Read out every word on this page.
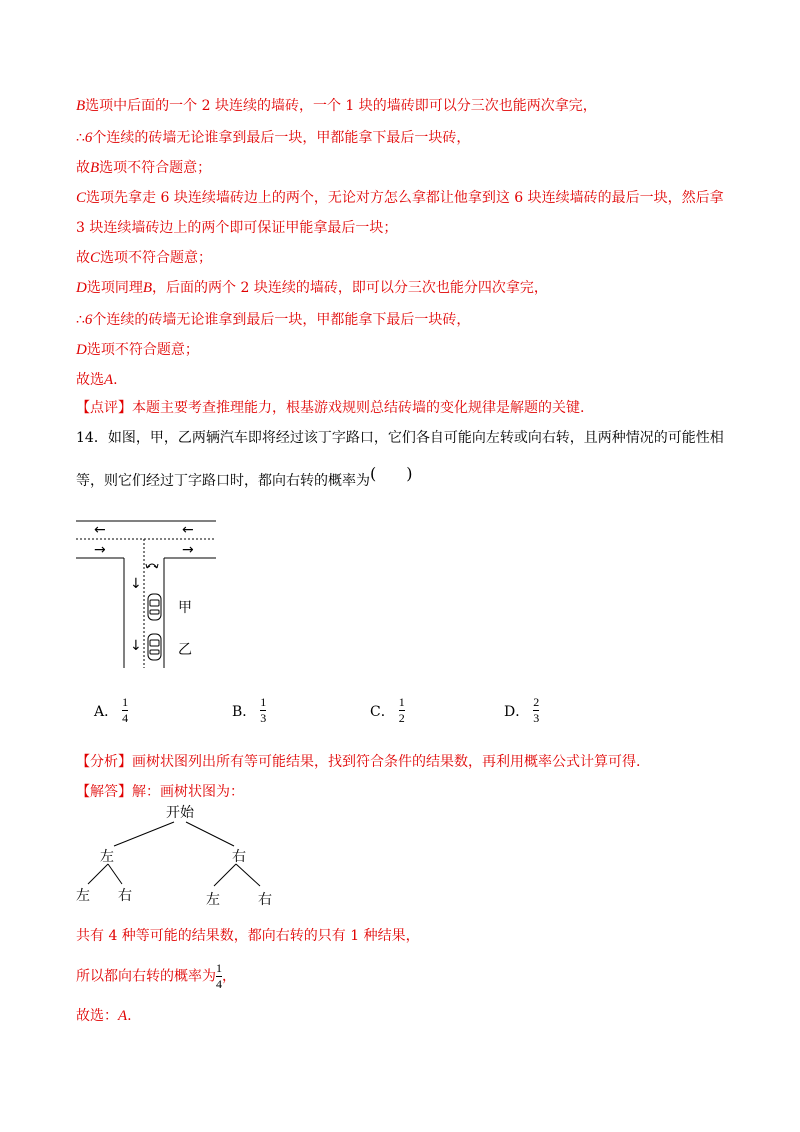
B选项中后面的一个 2 块连续的墙砖，一个 1 块的墙砖即可以分三次也能两次拿完，
∴6个连续的砖墙无论谁拿到最后一块，甲都能拿下最后一块砖，
故B选项不符合题意；
C选项先拿走 6 块连续墙砖边上的两个，无论对方怎么拿都让他拿到这 6 块连续墙砖的最后一块，然后拿
3 块连续墙砖边上的两个即可保证甲能拿最后一块；
故C选项不符合题意；
D选项同理B，后面的两个 2 块连续的墙砖，即可以分三次也能分四次拿完，
∴6个连续的砖墙无论谁拿到最后一块，甲都能拿下最后一块砖，
D选项不符合题意；
故选A.
【点评】本题主要考查推理能力，根基游戏规则总结砖墙的变化规律是解题的关键.
14．如图，甲，乙两辆汽车即将经过该丁字路口，它们各自可能向左转或向右转，且两种情况的可能性相
等，则它们经过丁字路口时，都向右转的概率为( )
←	←
→	→
↓
↓
甲
乙
A． $\frac{1}{4}$	B． $\frac{1}{3}$	C． $\frac{1}{2}$	D． $\frac{2}{3}$
【分析】画树状图列出所有等可能结果，找到符合条件的结果数，再利用概率公式计算可得.
【解答】解：画树状图为：
开始
左	右
左 右	左	右
共有 4 种等可能的结果数，都向右转的只有 1 种结果，
所以都向右转的概率为 $\frac{1}{4}$ ，
故选：A.
